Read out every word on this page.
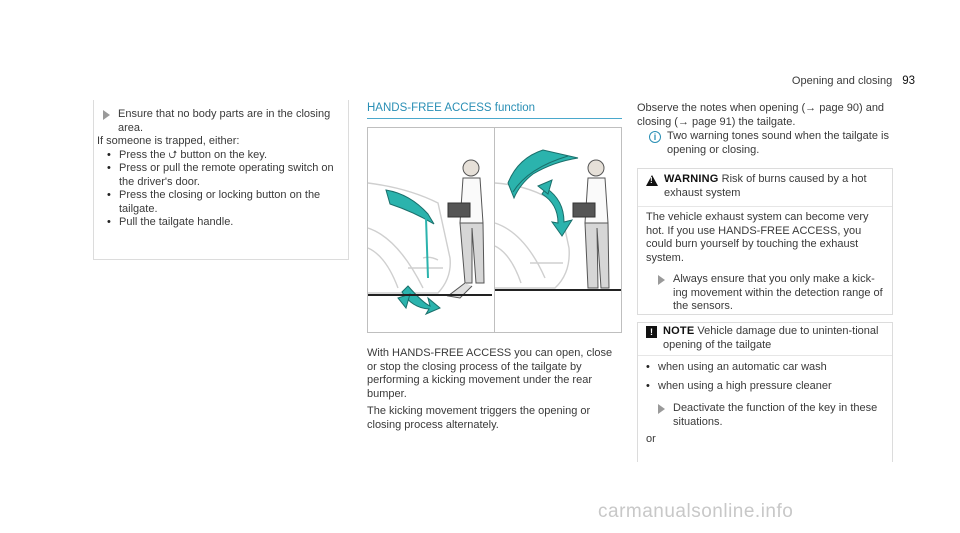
Opening and closing 93
Ensure that no body parts are in the closing area.
If someone is trapped, either:
• Press the ⮍ button on the key.
• Press or pull the remote operating switch on the driver's door.
• Press the closing or locking button on the tailgate.
• Pull the tailgate handle.
HANDS-FREE ACCESS function

With HANDS-FREE ACCESS you can open, close or stop the closing process of the tailgate by performing a kicking movement under the rear bumper.

The kicking movement triggers the opening or closing process alternately.

Observe the notes when opening (→ page 90) and closing (→ page 91) the tailgate.

i Two warning tones sound when the tailgate is opening or closing.
!
WARNING Risk of burns caused by a hot exhaust system

The vehicle exhaust system can become very hot. If you use HANDS-FREE ACCESS, you could burn yourself by touching the exhaust system.

Always ensure that you only make a kick-ing movement within the detection range of the sensors.
! NOTE Vehicle damage due to uninten-tional opening of the tailgate
• when using an automatic car wash
• when using a high pressure cleaner
Deactivate the function of the key in these situations.

or

carmanualsonline.info
